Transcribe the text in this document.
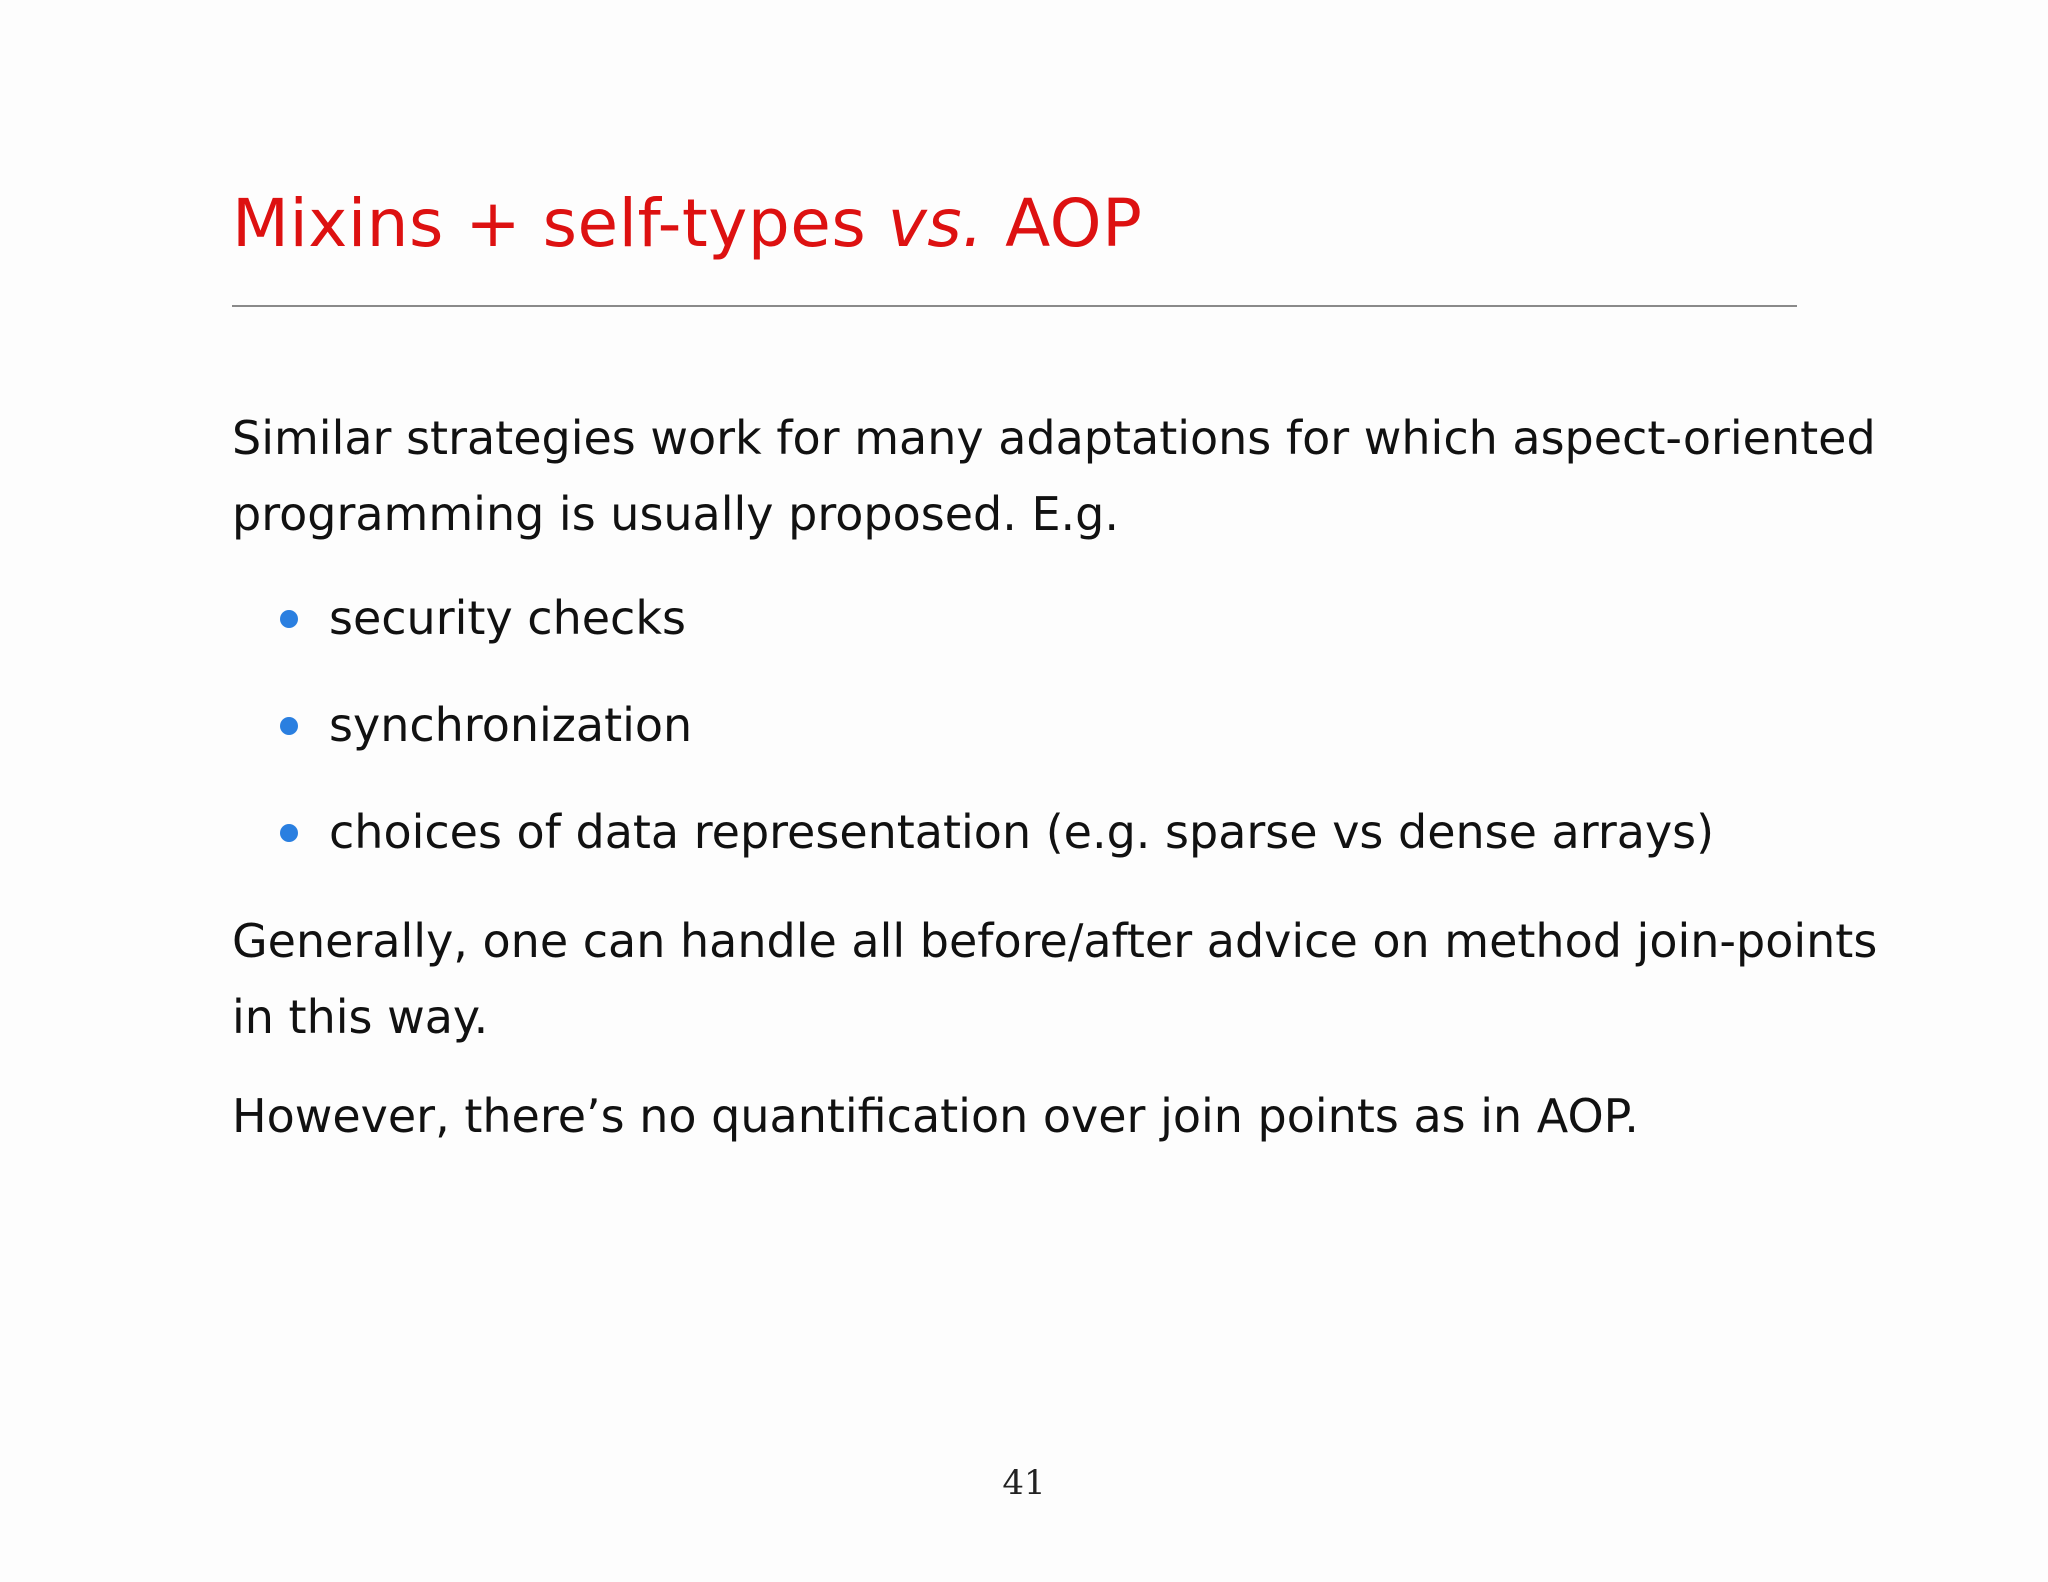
Mixins + self-types vs. AOP

Similar strategies work for many adaptations for which aspect-oriented
programming is usually proposed. E.g.

security checks
synchronization
choices of data representation (e.g. sparse vs dense arrays)

Generally, one can handle all before/after advice on method join-points
in this way.

However, there’s no quantification over join points as in AOP.

41
